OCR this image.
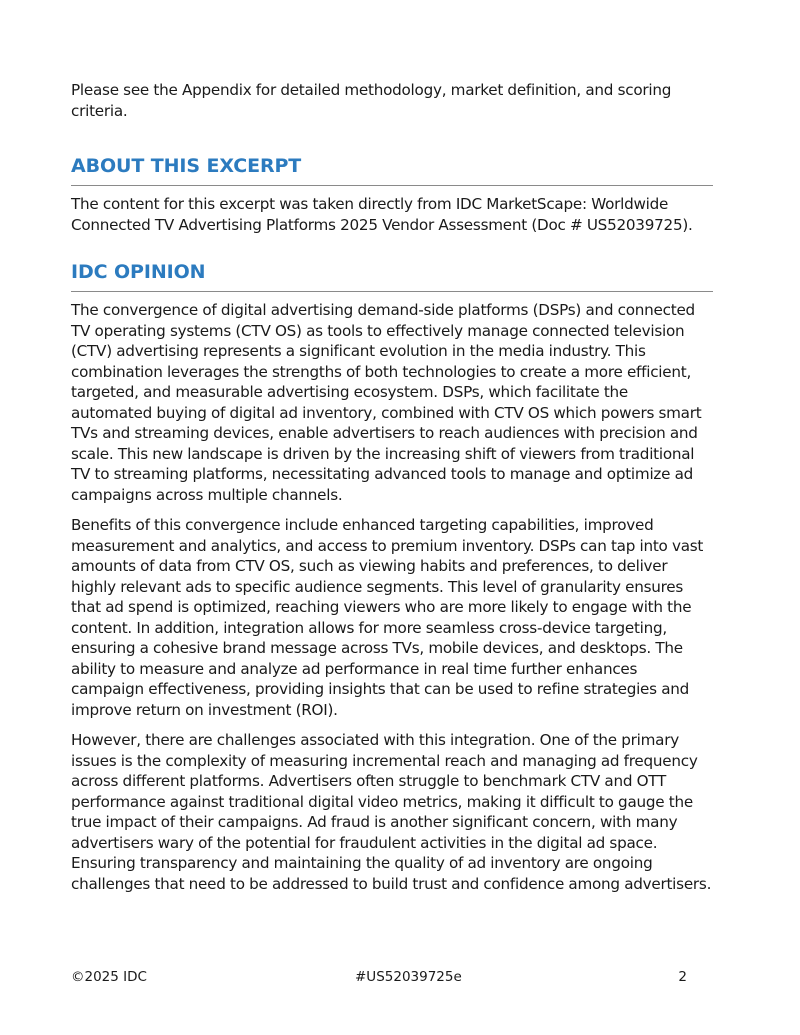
Please see the Appendix for detailed methodology, market definition, and scoring criteria.

ABOUT THIS EXCERPT

The content for this excerpt was taken directly from IDC MarketScape: Worldwide Connected TV Advertising Platforms 2025 Vendor Assessment (Doc # US52039725).

IDC OPINION

The convergence of digital advertising demand-side platforms (DSPs) and connected TV operating systems (CTV OS) as tools to effectively manage connected television (CTV) advertising represents a significant evolution in the media industry. This combination leverages the strengths of both technologies to create a more efficient, targeted, and measurable advertising ecosystem. DSPs, which facilitate the automated buying of digital ad inventory, combined with CTV OS which powers smart TVs and streaming devices, enable advertisers to reach audiences with precision and scale. This new landscape is driven by the increasing shift of viewers from traditional TV to streaming platforms, necessitating advanced tools to manage and optimize ad campaigns across multiple channels.

Benefits of this convergence include enhanced targeting capabilities, improved measurement and analytics, and access to premium inventory. DSPs can tap into vast amounts of data from CTV OS, such as viewing habits and preferences, to deliver highly relevant ads to specific audience segments. This level of granularity ensures that ad spend is optimized, reaching viewers who are more likely to engage with the content. In addition, integration allows for more seamless cross-device targeting, ensuring a cohesive brand message across TVs, mobile devices, and desktops. The ability to measure and analyze ad performance in real time further enhances campaign effectiveness, providing insights that can be used to refine strategies and improve return on investment (ROI).

However, there are challenges associated with this integration. One of the primary issues is the complexity of measuring incremental reach and managing ad frequency across different platforms. Advertisers often struggle to benchmark CTV and OTT performance against traditional digital video metrics, making it difficult to gauge the true impact of their campaigns. Ad fraud is another significant concern, with many advertisers wary of the potential for fraudulent activities in the digital ad space. Ensuring transparency and maintaining the quality of ad inventory are ongoing challenges that need to be addressed to build trust and confidence among advertisers.

©2025 IDC	#US52039725e	2
